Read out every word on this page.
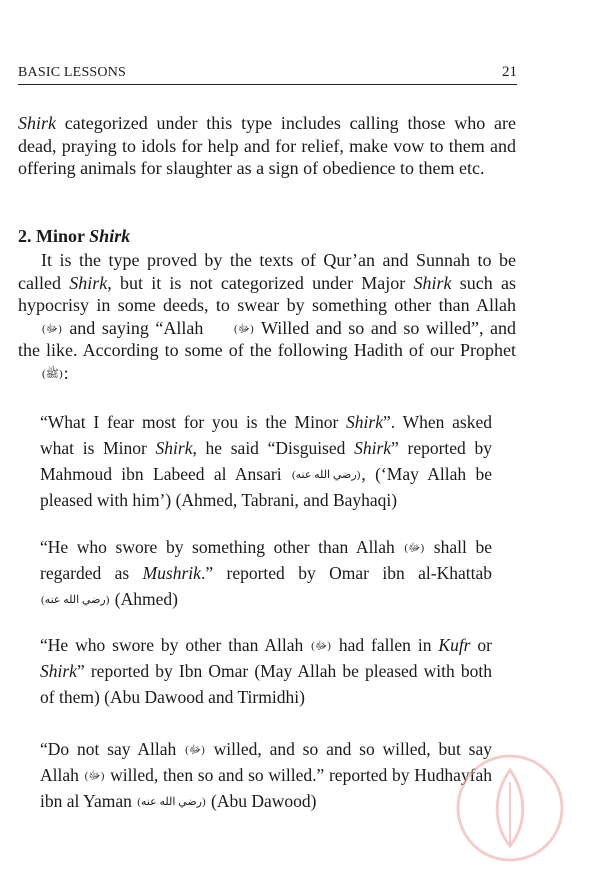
BASIC LESSONS	21

Shirk categorized under this type includes calling those who are dead, praying to idols for help and for relief, make vow to them and offering animals for slaughter as a sign of obedience to them etc.

2. Minor Shirk

It is the type proved by the texts of Qur’an and Sunnah to be called Shirk, but it is not categorized under Major Shirk such as hypocrisy in some deeds, to swear by something other than Allah (ﷻ) and saying “Allah (ﷻ) Willed and so and so willed”, and the like. According to some of the following Hadith of our Prophet (ﷺ):

“What I fear most for you is the Minor Shirk”. When asked what is Minor Shirk, he said “Disguised Shirk” reported by Mahmoud ibn Labeed al Ansari (رضي الله عنه), (‘May Allah be pleased with him’) (Ahmed, Tabrani, and Bayhaqi)

“He who swore by something other than Allah (ﷻ) shall be regarded as Mushrik.” reported by Omar ibn al-Khattab (رضي الله عنه) (Ahmed)

“He who swore by other than Allah (ﷻ) had fallen in Kufr or Shirk” reported by Ibn Omar (May Allah be pleased with both of them) (Abu Dawood and Tirmidhi)

“Do not say Allah (ﷻ) willed, and so and so willed, but say Allah (ﷻ) willed, then so and so willed.” reported by Hudhayfah ibn al Yaman (رضي الله عنه) (Abu Dawood)
